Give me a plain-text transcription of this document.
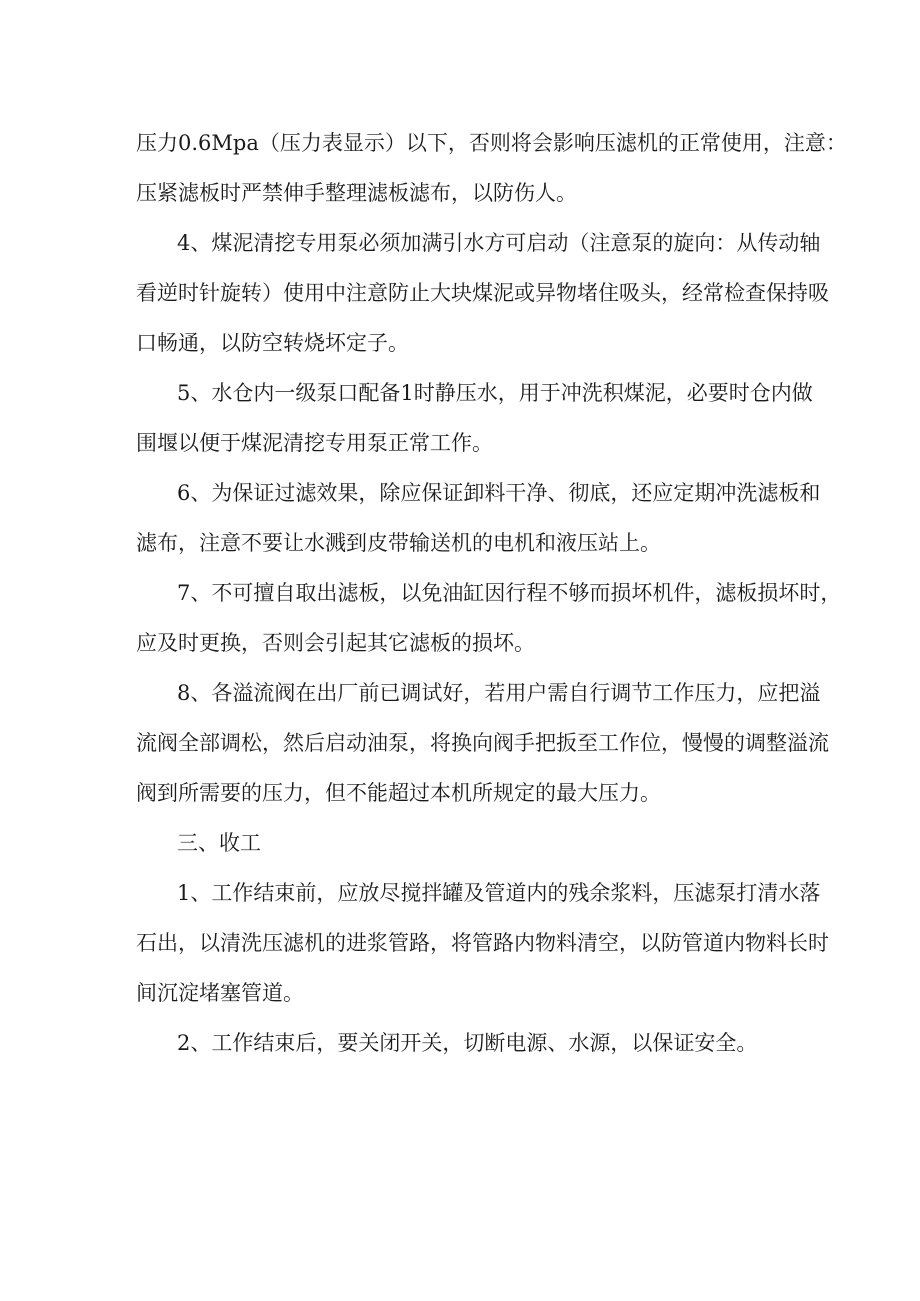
压力0.6Mpa（压力表显示）以下，否则将会影响压滤机的正常使用，注意：
压紧滤板时严禁伸手整理滤板滤布，以防伤人。
4、煤泥清挖专用泵必须加满引水方可启动（注意泵的旋向：从传动轴
看逆时针旋转）使用中注意防止大块煤泥或异物堵住吸头，经常检查保持吸
口畅通，以防空转烧坏定子。
5、水仓内一级泵口配备1时静压水，用于冲洗积煤泥，必要时仓内做
围堰以便于煤泥清挖专用泵正常工作。
6、为保证过滤效果，除应保证卸料干净、彻底，还应定期冲洗滤板和
滤布，注意不要让水溅到皮带输送机的电机和液压站上。
7、不可擅自取出滤板，以免油缸因行程不够而损坏机件，滤板损坏时，
应及时更换，否则会引起其它滤板的损坏。
8、各溢流阀在出厂前已调试好，若用户需自行调节工作压力，应把溢
流阀全部调松，然后启动油泵，将换向阀手把扳至工作位，慢慢的调整溢流
阀到所需要的压力，但不能超过本机所规定的最大压力。
三、收工
1、工作结束前，应放尽搅拌罐及管道内的残余浆料，压滤泵打清水落
石出，以清洗压滤机的进浆管路，将管路内物料清空，以防管道内物料长时
间沉淀堵塞管道。
2、工作结束后，要关闭开关，切断电源、水源，以保证安全。
